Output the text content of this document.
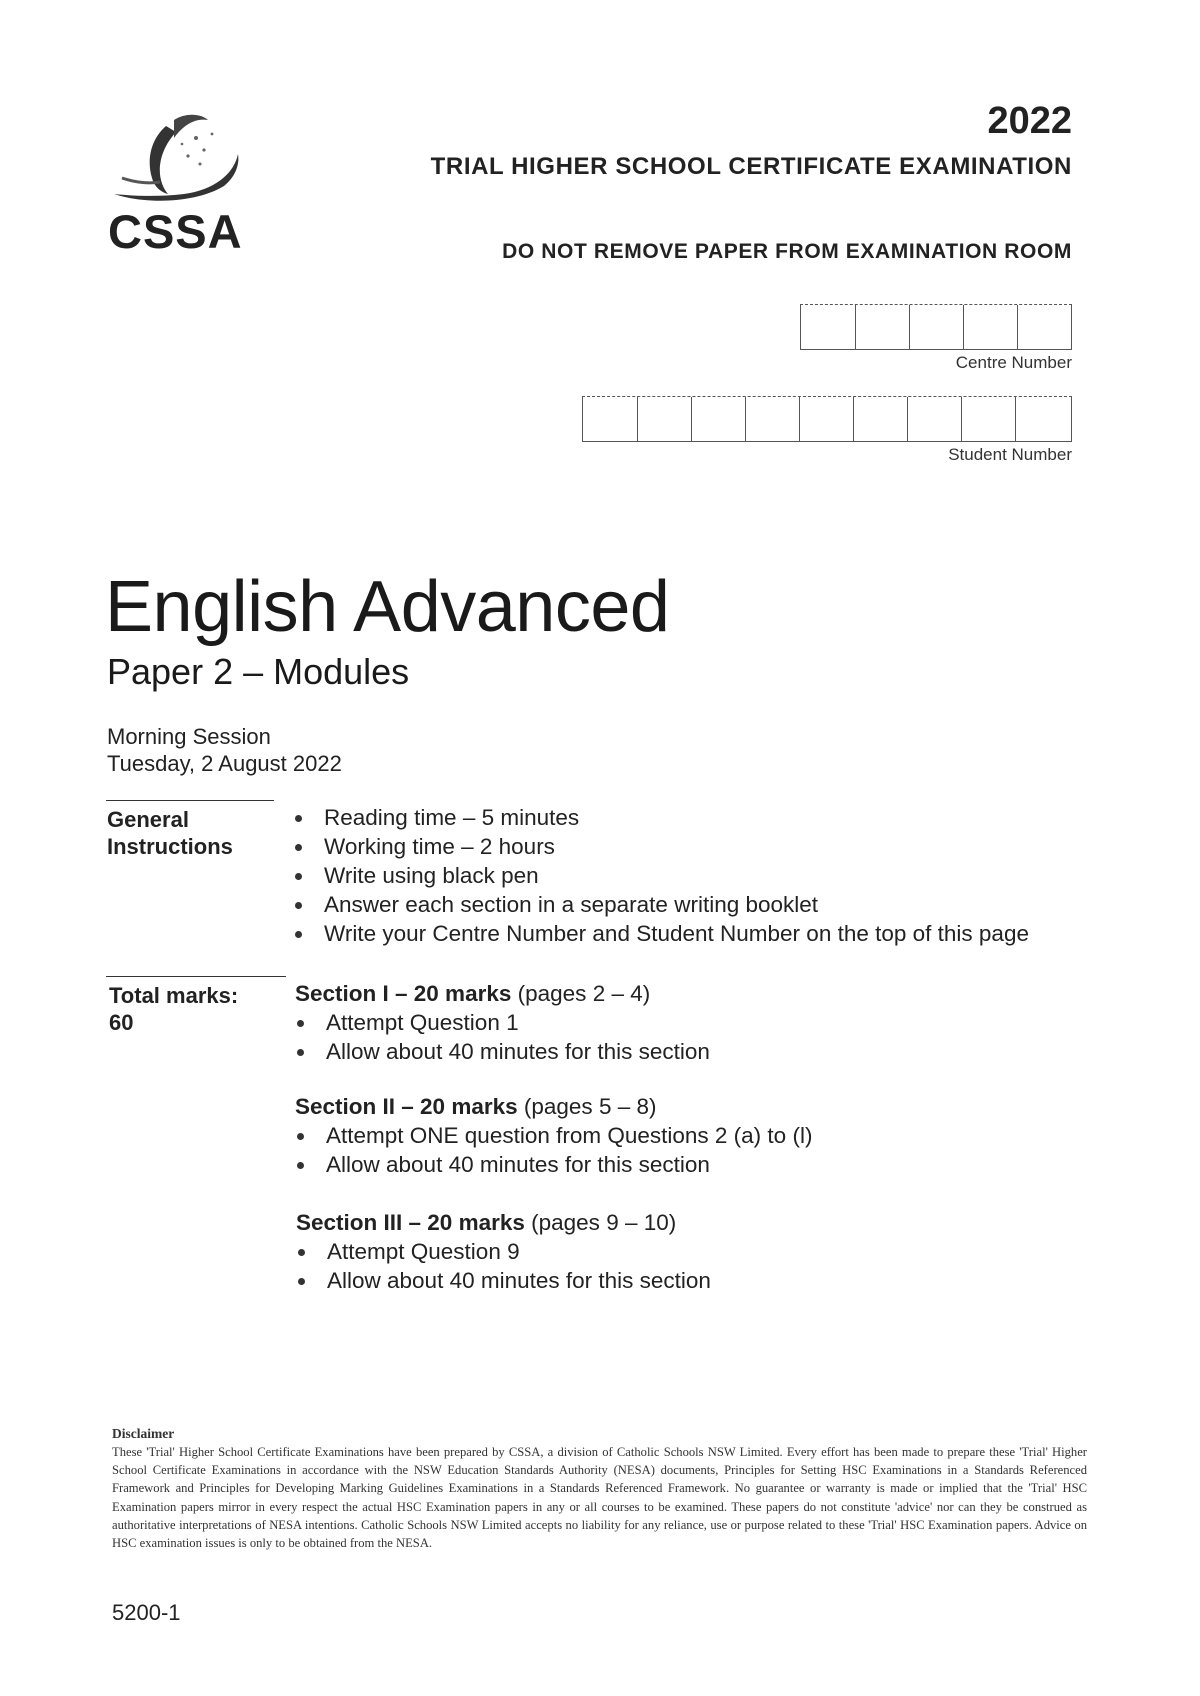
CSSA
2022
TRIAL HIGHER SCHOOL CERTIFICATE EXAMINATION
DO NOT REMOVE PAPER FROM EXAMINATION ROOM
Centre Number
Student Number
English Advanced
Paper 2 – Modules
Morning Session
Tuesday, 2 August 2022
General
Instructions
Reading time – 5 minutes
Working time – 2 hours
Write using black pen
Answer each section in a separate writing booklet
Write your Centre Number and Student Number on the top of this page
Total marks:
60
Section I – 20 marks (pages 2 – 4)
Attempt Question 1
Allow about 40 minutes for this section
Section II – 20 marks (pages 5 – 8)
Attempt ONE question from Questions 2 (a) to (l)
Allow about 40 minutes for this section
Section III – 20 marks (pages 9 – 10)
Attempt Question 9
Allow about 40 minutes for this section
Disclaimer
These 'Trial' Higher School Certificate Examinations have been prepared by CSSA, a division of Catholic Schools NSW Limited. Every effort has been made to prepare these 'Trial' Higher School Certificate Examinations in accordance with the NSW Education Standards Authority (NESA) documents, Principles for Setting HSC Examinations in a Standards Referenced Framework and Principles for Developing Marking Guidelines Examinations in a Standards Referenced Framework. No guarantee or warranty is made or implied that the 'Trial' HSC Examination papers mirror in every respect the actual HSC Examination papers in any or all courses to be examined. These papers do not constitute 'advice' nor can they be construed as authoritative interpretations of NESA intentions. Catholic Schools NSW Limited accepts no liability for any reliance, use or purpose related to these 'Trial' HSC Examination papers. Advice on HSC examination issues is only to be obtained from the NESA.
5200-1
